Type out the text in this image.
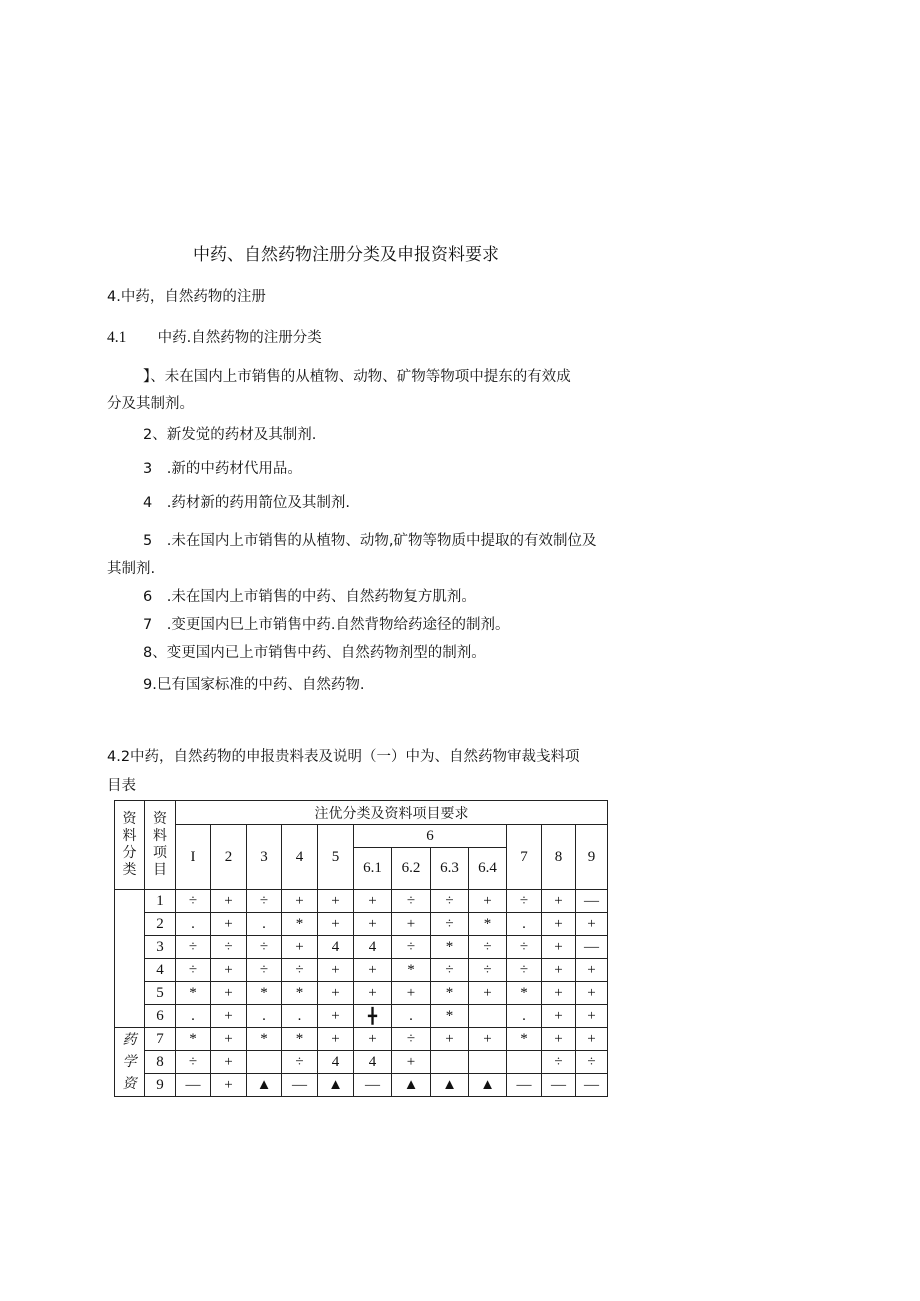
中药、自然药物注册分类及申报资料要求
4.中药，自然药物的注册
4.1 中药.自然药物的注册分类
】、未在国内上市销售的从植物、动物、矿物等物项中提东的有效成
分及其制剂。
2、新发觉的药材及其制剂.
3　.新的中药材代用品。
4　.药材新的药用箭位及其制剂.
5　.未在国内上市销售的从植物、动物,矿物等物质中提取的有效制位及
其制剂.
6　.未在国内上市销售的中药、自然药物复方肌剂。
7　.变更国内巳上市销售中药.自然背物给药途径的制剂。
8、变更国内已上市销售中药、自然药物剂型的制剂。
9.巳有国家标准的中药、自然药物.
4.2中药，自然药物的申报贵料表及说明（一）中为、自然药物审裁戋料项
目表
资
料
分
类	资
料
项
目	注优分类及资料项目要求											
		I	2	3	4	5	6				7	8	9
							6.1	6.2	6.3	6.4			
	1	÷	+	÷	+	+	+	÷	÷	+	÷	+	—
	2	.	+	.	*	+	+	+	÷	*	.	+	+
	3	÷	÷	÷	+	4	4	÷	*	÷	÷	+	—
	4	÷	+	÷	÷	+	+	*	÷	÷	÷	+	+
	5	*	+	*	*	+	+	+	*	+	*	+	+
	6	.	+	.	.	+	╋	.	*		.	+	+

药
学
资	7	*	+	*	*	+	+	÷	+	+	*	+	+
	8	÷	+		÷	4	4	+				÷	÷
	9	—	+	▲	—	▲	—	▲	▲	▲	—	—	—
